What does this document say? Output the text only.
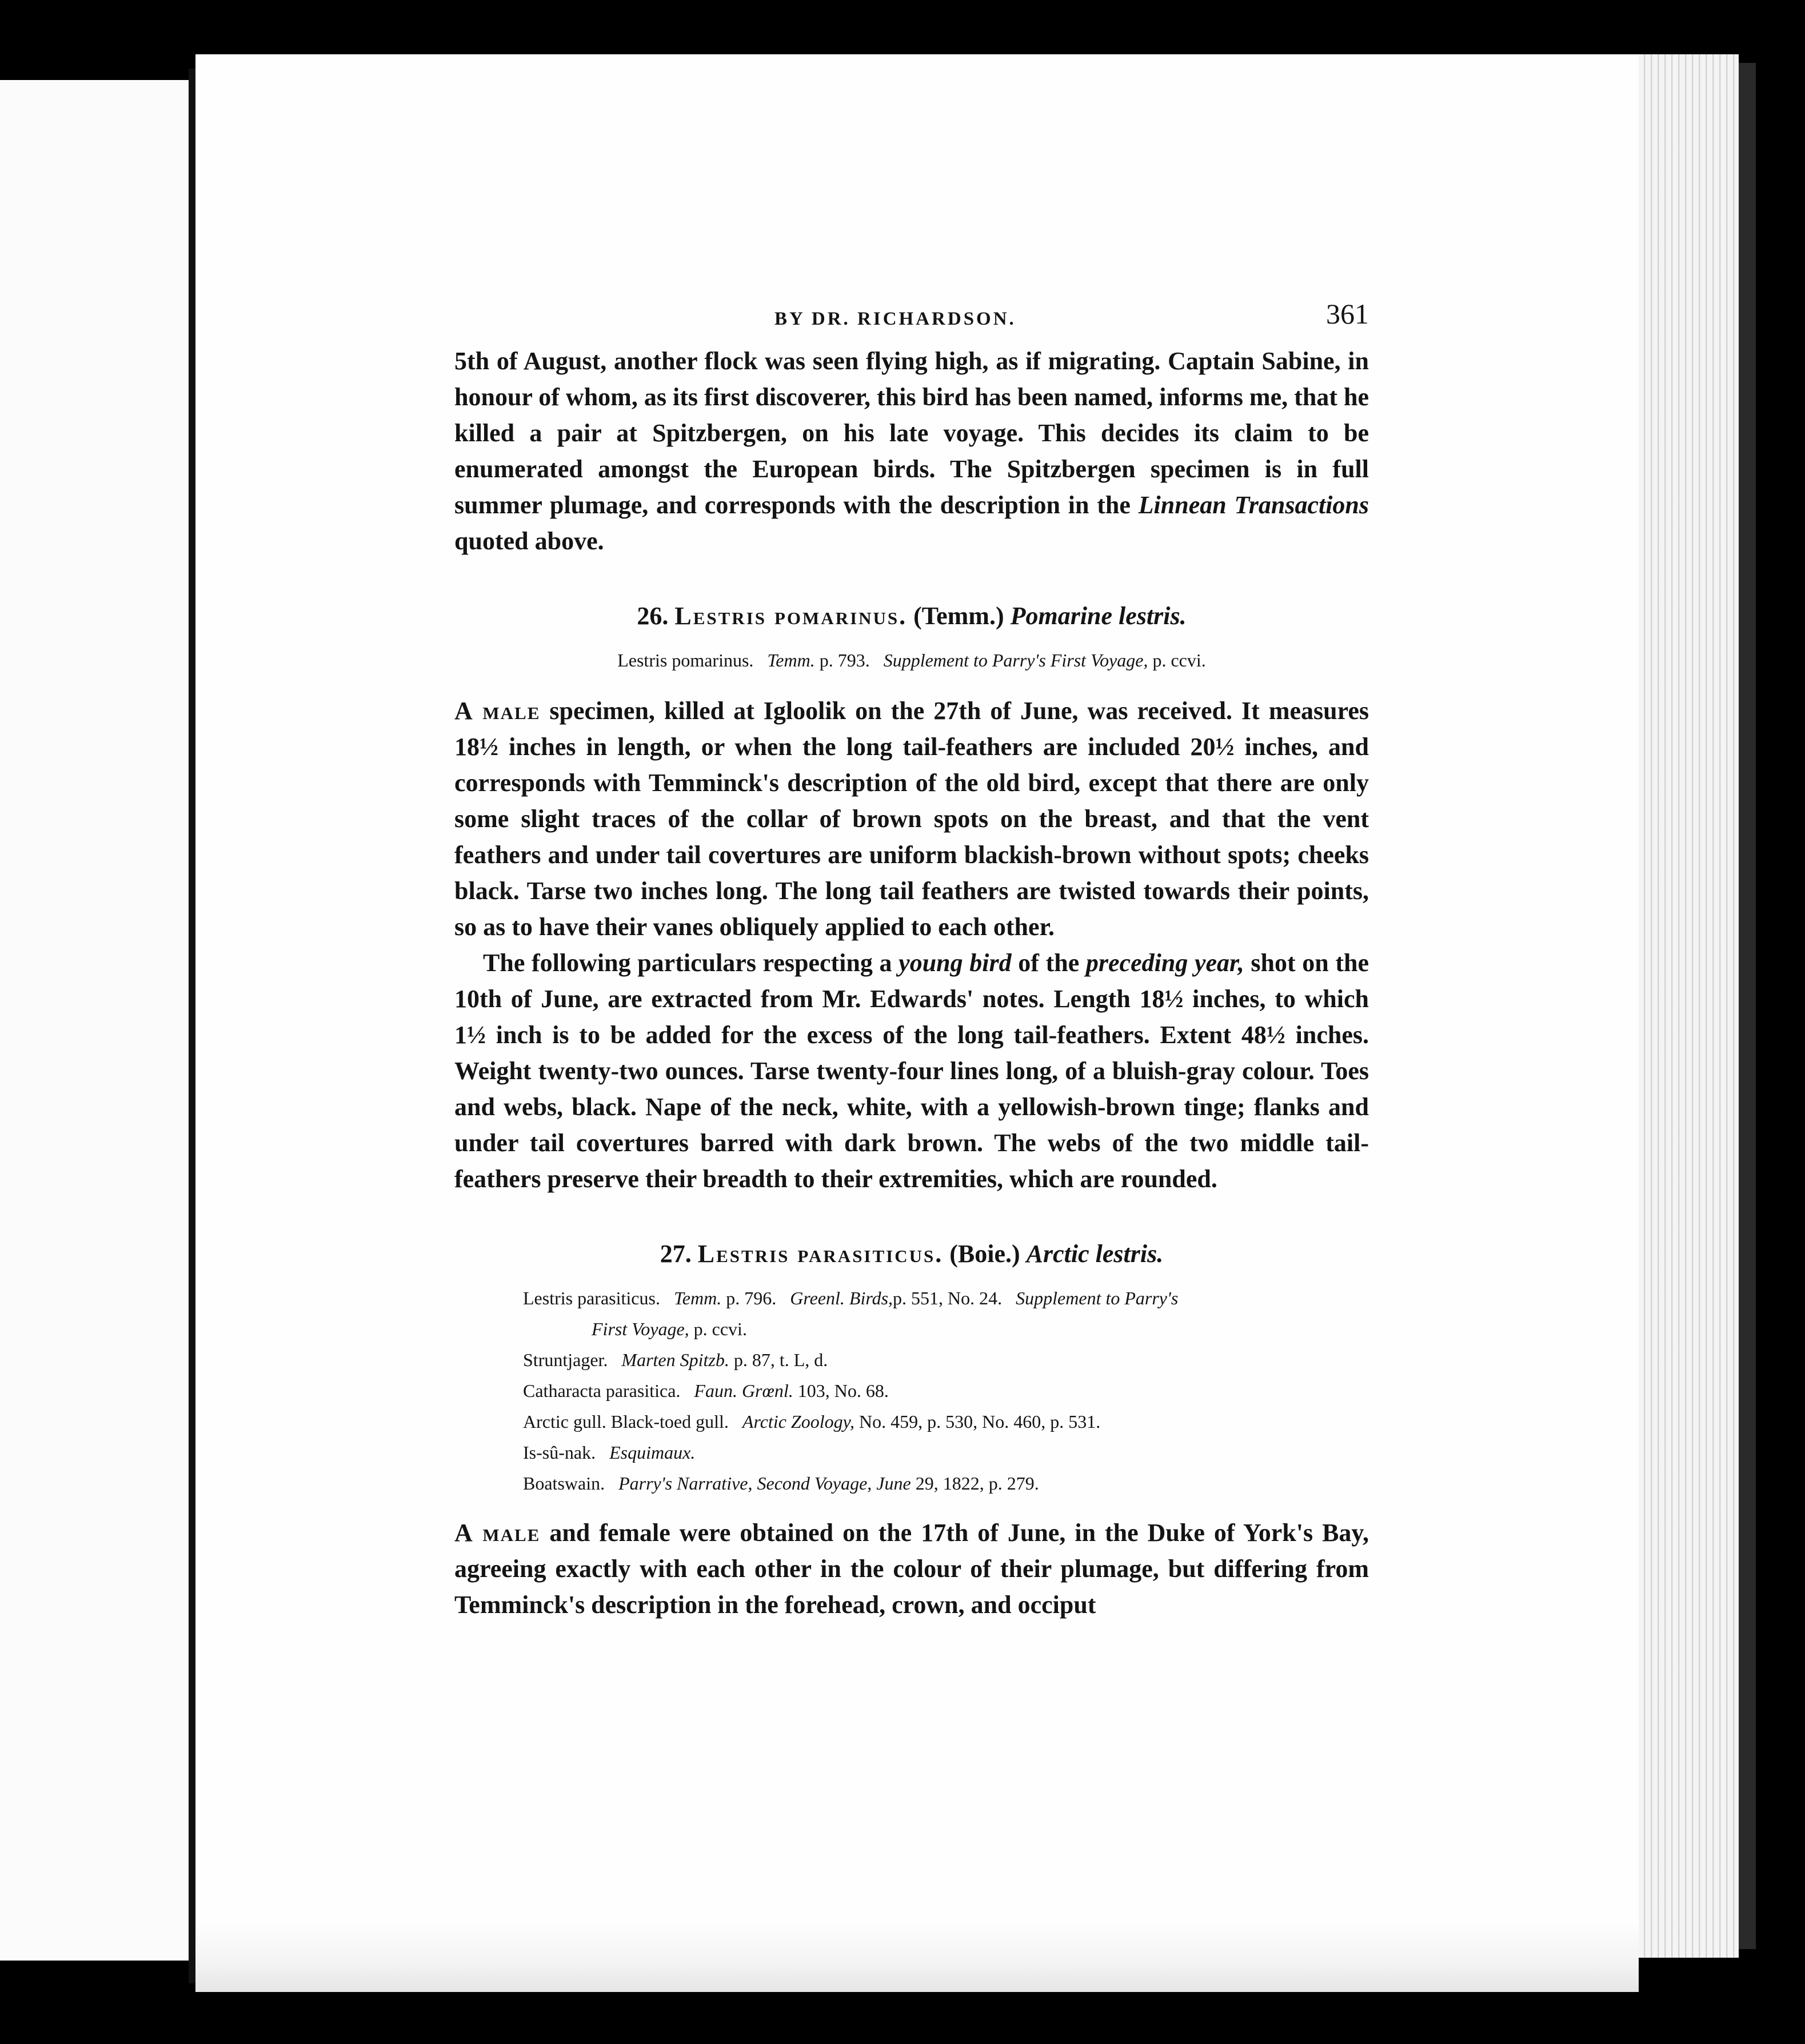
BY DR. RICHARDSON.	361

5th of August, another flock was seen flying high, as if migrating. Captain Sabine, in honour of whom, as its first discoverer, this bird has been named, informs me, that he killed a pair at Spitzbergen, on his late voyage. This decides its claim to be enumerated amongst the European birds. The Spitzbergen specimen is in full summer plumage, and corresponds with the description in the Linnean Transactions quoted above.

26. Lestris pomarinus. (Temm.) Pomarine lestris.
Lestris pomarinus. Temm. p. 793. Supplement to Parry's First Voyage, p. ccvi.

A male specimen, killed at Igloolik on the 27th of June, was received. It measures 18½ inches in length, or when the long tail-feathers are included 20½ inches, and corresponds with Temminck's description of the old bird, except that there are only some slight traces of the collar of brown spots on the breast, and that the vent feathers and under tail covertures are uniform blackish-brown without spots; cheeks black. Tarse two inches long. The long tail feathers are twisted towards their points, so as to have their vanes obliquely applied to each other.

The following particulars respecting a young bird of the preceding year, shot on the 10th of June, are extracted from Mr. Edwards' notes. Length 18½ inches, to which 1½ inch is to be added for the excess of the long tail-feathers. Extent 48½ inches. Weight twenty-two ounces. Tarse twenty-four lines long, of a bluish-gray colour. Toes and webs, black. Nape of the neck, white, with a yellowish-brown tinge; flanks and under tail covertures barred with dark brown. The webs of the two middle tail-feathers preserve their breadth to their extremities, which are rounded.

27. Lestris parasiticus. (Boie.) Arctic lestris.
Lestris parasiticus. Temm. p. 796. Greenl. Birds,p. 551, No. 24. Supplement to Parry's
First Voyage, p. ccvi.
Struntjager. Marten Spitzb. p. 87, t. L, d.
Catharacta parasitica. Faun. Grœnl. 103, No. 68.
Arctic gull. Black-toed gull. Arctic Zoology, No. 459, p. 530, No. 460, p. 531.
Is-sû-nak. Esquimaux.
Boatswain. Parry's Narrative, Second Voyage, June 29, 1822, p. 279.

A male and female were obtained on the 17th of June, in the Duke of York's Bay, agreeing exactly with each other in the colour of their plumage, but differing from Temminck's description in the forehead, crown, and occiput
